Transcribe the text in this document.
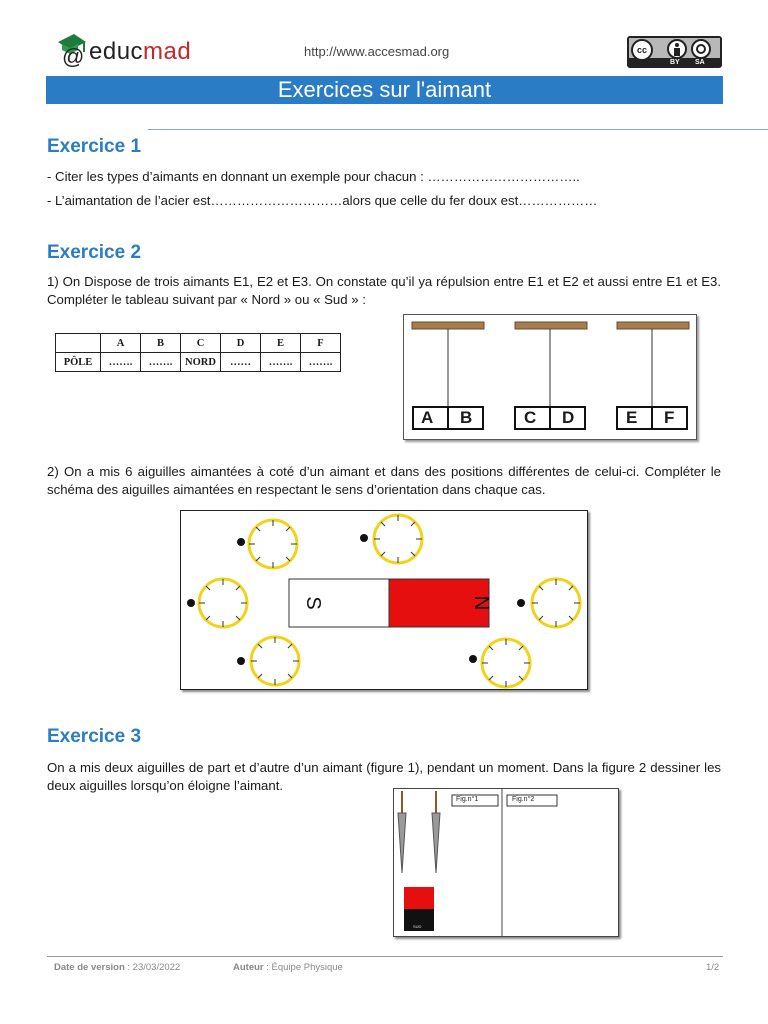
@ educmad	http://www.accesmad.org	cc
BY SA
Exercices sur l'aimant
Exercice 1
- Citer les types d’aimants en donnant un exemple pour chacun : ……………………………..
- L’aimantation de l’acier est…………………………alors que celle du fer doux est………………
Exercice 2
1) On Dispose de trois aimants E1, E2 et E3. On constate qu’il ya répulsion entre E1 et E2 et aussi entre E1 et E3. Compléter le tableau suivant par « Nord » ou « Sud » :
	A	B	C	D	E	F
PÔLE	…….	…….	NORD	……	…….	…….
A B	C D	E F
2) On a mis 6 aiguilles aimantées à coté d’un aimant et dans des positions différentes de celui-ci. Compléter le schéma des aiguilles aimantées en respectant le sens d’orientation dans chaque cas.
S	N
Exercice 3
On a mis deux aiguilles de part et d’autre d’un aimant (figure 1), pendant un moment. Dans la figure 2 dessiner les deux aiguilles lorsqu’on éloigne l’aimant.
Fig.n°1	Fig.n°2
SUD
Date de version : 23/03/2022	Auteur : Équipe Physique	1/2
